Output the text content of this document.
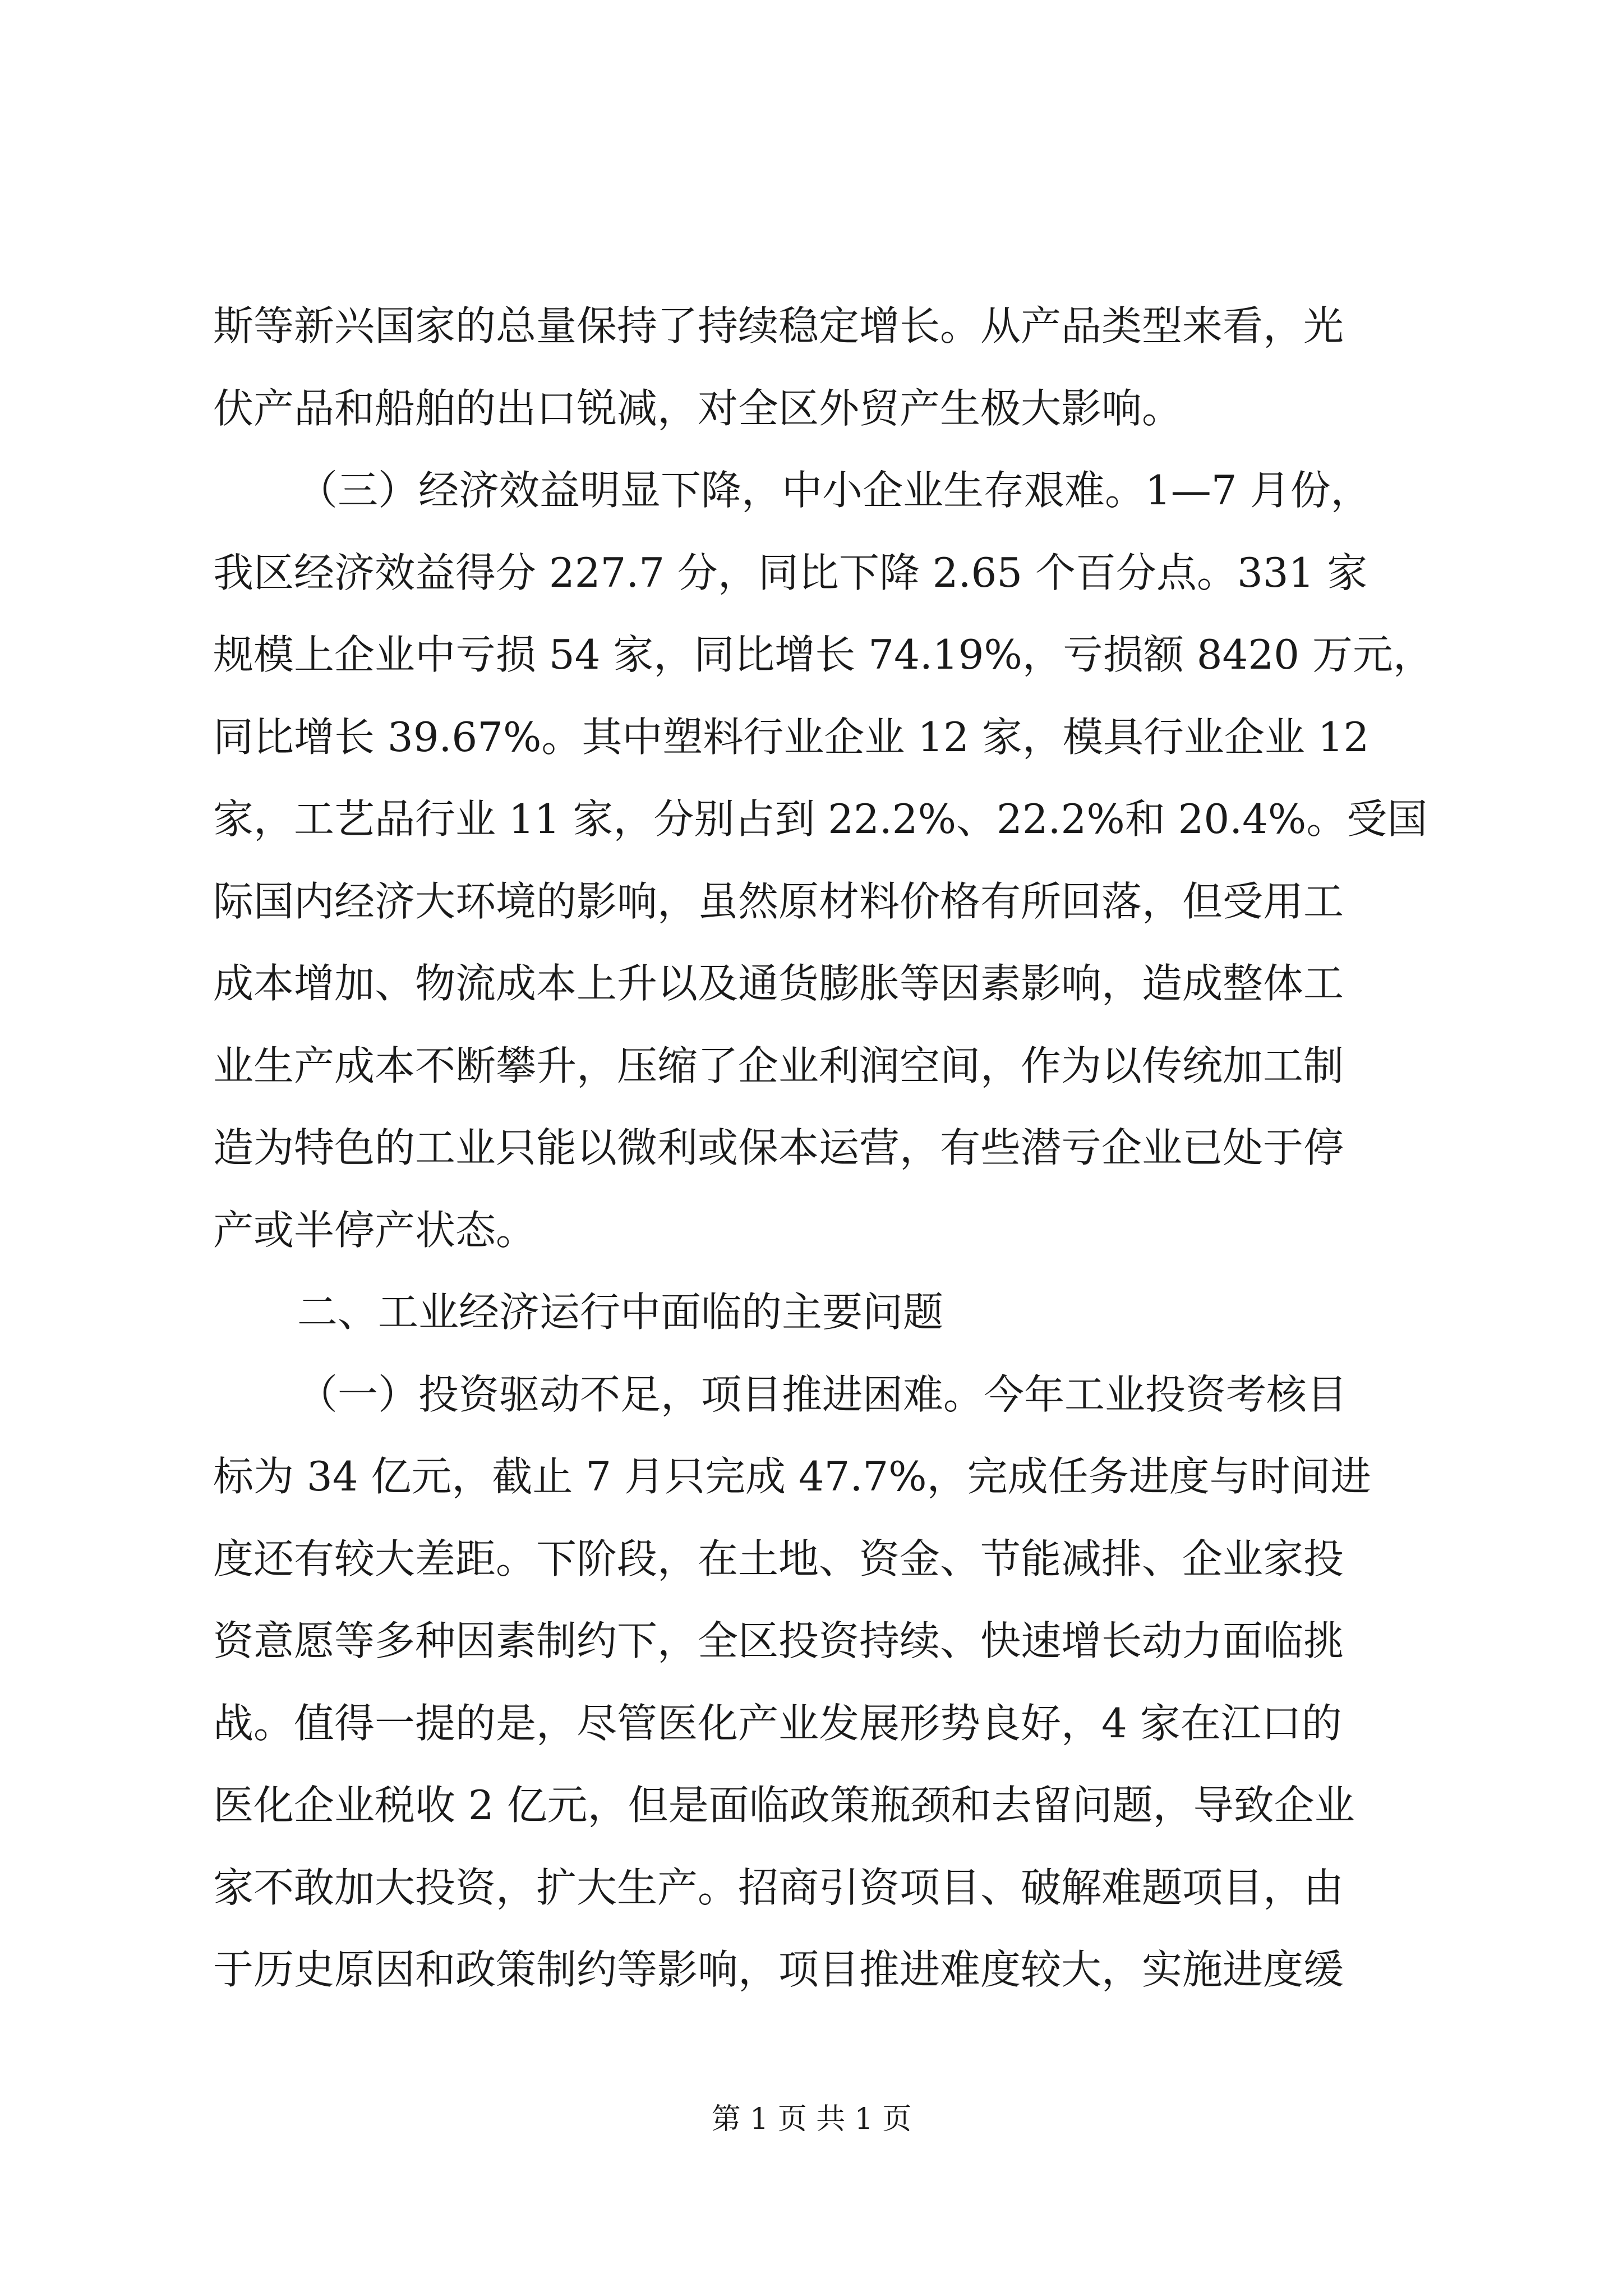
斯等新兴国家的总量保持了持续稳定增长。从产品类型来看，光
伏产品和船舶的出口锐减，对全区外贸产生极大影响。
（三）经济效益明显下降，中小企业生存艰难。1—7 月份，
我区经济效益得分 227.7 分，同比下降 2.65 个百分点。331 家
规模上企业中亏损 54 家，同比增长 74.19%，亏损额 8420 万元，
同比增长 39.67%。其中塑料行业企业 12 家，模具行业企业 12
家，工艺品行业 11 家，分别占到 22.2%、22.2%和 20.4%。受国
际国内经济大环境的影响，虽然原材料价格有所回落，但受用工
成本增加、物流成本上升以及通货膨胀等因素影响，造成整体工
业生产成本不断攀升，压缩了企业利润空间，作为以传统加工制
造为特色的工业只能以微利或保本运营，有些潜亏企业已处于停
产或半停产状态。
二、工业经济运行中面临的主要问题
（一）投资驱动不足，项目推进困难。今年工业投资考核目
标为 34 亿元，截止 7 月只完成 47.7%，完成任务进度与时间进
度还有较大差距。下阶段，在土地、资金、节能减排、企业家投
资意愿等多种因素制约下，全区投资持续、快速增长动力面临挑
战。值得一提的是，尽管医化产业发展形势良好，4 家在江口的
医化企业税收 2 亿元，但是面临政策瓶颈和去留问题，导致企业
家不敢加大投资，扩大生产。招商引资项目、破解难题项目，由
于历史原因和政策制约等影响，项目推进难度较大，实施进度缓
第 1 页 共 1 页
